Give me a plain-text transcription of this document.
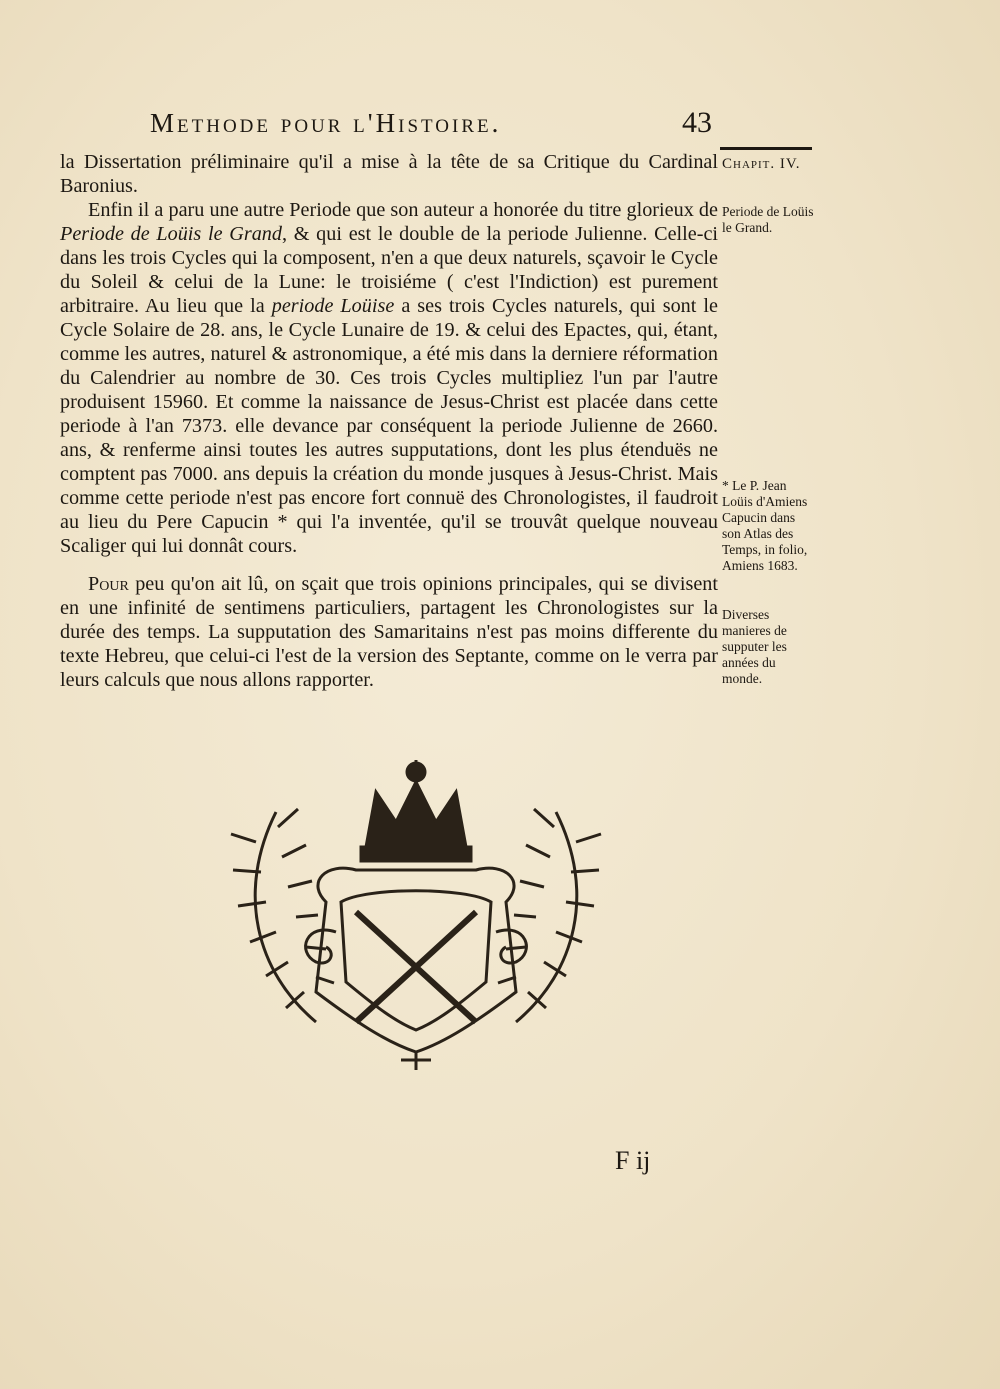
Methode pour l'Histoire.	43
Chapit. IV.
Periode de Loüis le Grand.
* Le P. Jean Loüis d'Amiens Capucin dans son Atlas des Temps, in folio, Amiens 1683.
Diverses manieres de supputer les années du monde.

la Dissertation préliminaire qu'il a mise à la tête de sa Critique du Cardinal Baronius.

Enfin il a paru une autre Periode que son auteur a honorée du titre glorieux de Periode de Loüis le Grand, & qui est le double de la periode Julienne. Celle-ci dans les trois Cycles qui la composent, n'en a que deux naturels, sçavoir le Cycle du Soleil & celui de la Lune: le troisiéme ( c'est l'Indiction) est purement arbitraire. Au lieu que la periode Loüise a ses trois Cycles naturels, qui sont le Cycle Solaire de 28. ans, le Cycle Lunaire de 19. & celui des Epactes, qui, étant, comme les autres, naturel & astronomique, a été mis dans la derniere réformation du Calendrier au nombre de 30. Ces trois Cycles multipliez l'un par l'autre produisent 15960. Et comme la naissance de Jesus-Christ est placée dans cette periode à l'an 7373. elle devance par conséquent la periode Julienne de 2660. ans, & renferme ainsi toutes les autres supputations, dont les plus étenduës ne comptent pas 7000. ans depuis la création du monde jusques à Jesus-Christ. Mais comme cette periode n'est pas encore fort connuë des Chronologistes, il faudroit au lieu du Pere Capucin * qui l'a inventée, qu'il se trouvât quelque nouveau Scaliger qui lui donnât cours.

Pour peu qu'on ait lû, on sçait que trois opinions principales, qui se divisent en une infinité de sentimens particuliers, partagent les Chronologistes sur la durée des temps. La supputation des Samaritains n'est pas moins differente du texte Hebreu, que celui-ci l'est de la version des Septante, comme on le verra par leurs calculs que nous allons rapporter.

F ij
